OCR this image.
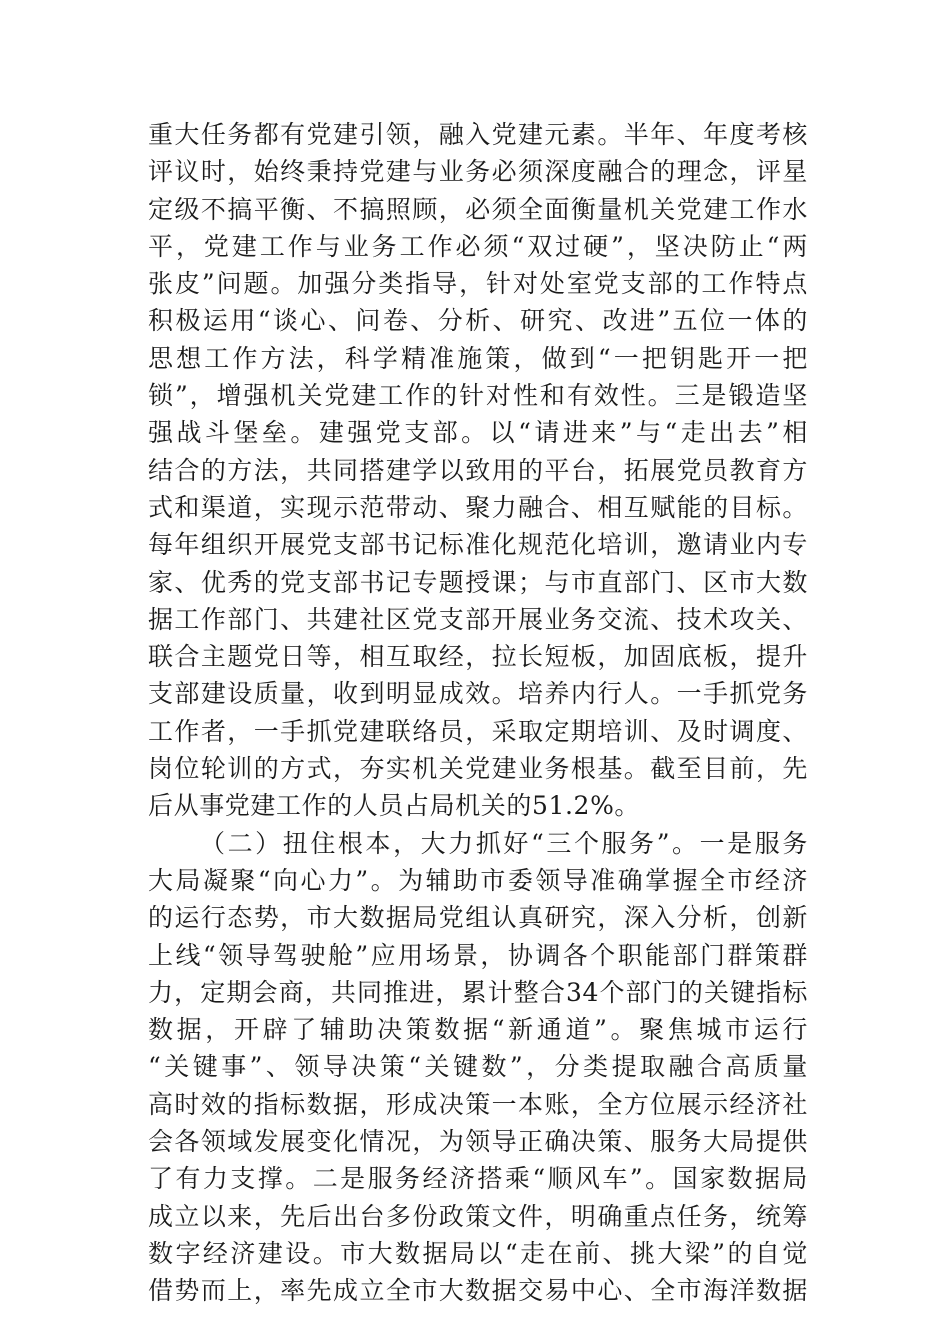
重大任务都有党建引领，融入党建元素。半年、年度考核
评议时，始终秉持党建与业务必须深度融合的理念，评星
定级不搞平衡、不搞照顾，必须全面衡量机关党建工作水
平，党建工作与业务工作必须“双过硬”，坚决防止“两
张皮”问题。加强分类指导，针对处室党支部的工作特点
积极运用“谈心、问卷、分析、研究、改进”五位一体的
思想工作方法，科学精准施策，做到“一把钥匙开一把
锁”，增强机关党建工作的针对性和有效性。三是锻造坚
强战斗堡垒。建强党支部。以“请进来”与“走出去”相
结合的方法，共同搭建学以致用的平台，拓展党员教育方
式和渠道，实现示范带动、聚力融合、相互赋能的目标。
每年组织开展党支部书记标准化规范化培训，邀请业内专
家、优秀的党支部书记专题授课；与市直部门、区市大数
据工作部门、共建社区党支部开展业务交流、技术攻关、
联合主题党日等，相互取经，拉长短板，加固底板，提升
支部建设质量，收到明显成效。培养内行人。一手抓党务
工作者，一手抓党建联络员，采取定期培训、及时调度、
岗位轮训的方式，夯实机关党建业务根基。截至目前，先
后从事党建工作的人员占局机关的51.2%。
（二）扭住根本，大力抓好“三个服务”。一是服务
大局凝聚“向心力”。为辅助市委领导准确掌握全市经济
的运行态势，市大数据局党组认真研究，深入分析，创新
上线“领导驾驶舱”应用场景，协调各个职能部门群策群
力，定期会商，共同推进，累计整合34个部门的关键指标
数据，开辟了辅助决策数据“新通道”。聚焦城市运行
“关键事”、领导决策“关键数”，分类提取融合高质量
高时效的指标数据，形成决策一本账，全方位展示经济社
会各领域发展变化情况，为领导正确决策、服务大局提供
了有力支撑。二是服务经济搭乘“顺风车”。国家数据局
成立以来，先后出台多份政策文件，明确重点任务，统筹
数字经济建设。市大数据局以“走在前、挑大梁”的自觉
借势而上，率先成立全市大数据交易中心、全市海洋数据
